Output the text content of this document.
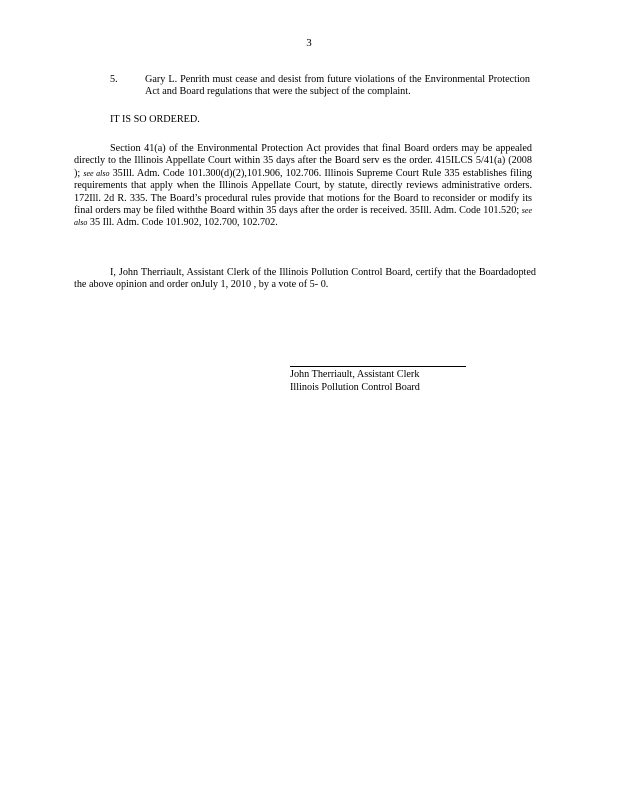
3
5.	Gary L. Penrith must cease and desist from future violations of the Environmental Protection Act and Board regulations that were the subject of the complaint.
IT IS SO ORDERED.
Section 41(a) of the Environmental Protection Act provides that final Board orders may be appealed directly to the Illinois Appellate Court within 35 days after the Board serv es the order. 415ILCS 5/41(a) (2008 ); see also 35Ill. Adm. Code 101.300(d)(2),101.906, 102.706. Illinois Supreme Court Rule 335 establishes filing requirements that apply when the Illinois Appellate Court, by statute, directly reviews administrative orders. 172Ill. 2d R. 335. The Board’s procedural rules provide that motions for the Board to reconsider or modify its final orders may be filed withthe Board within 35 days after the order is received. 35Ill. Adm. Code 101.520; see also 35 Ill. Adm. Code 101.902, 102.700, 102.702.
I, John Therriault, Assistant Clerk of the Illinois Pollution Control Board, certify that the Boardadopted the above opinion and order onJuly 1, 2010 , by a vote of 5- 0.
John Therriault, Assistant Clerk
Illinois Pollution Control Board
